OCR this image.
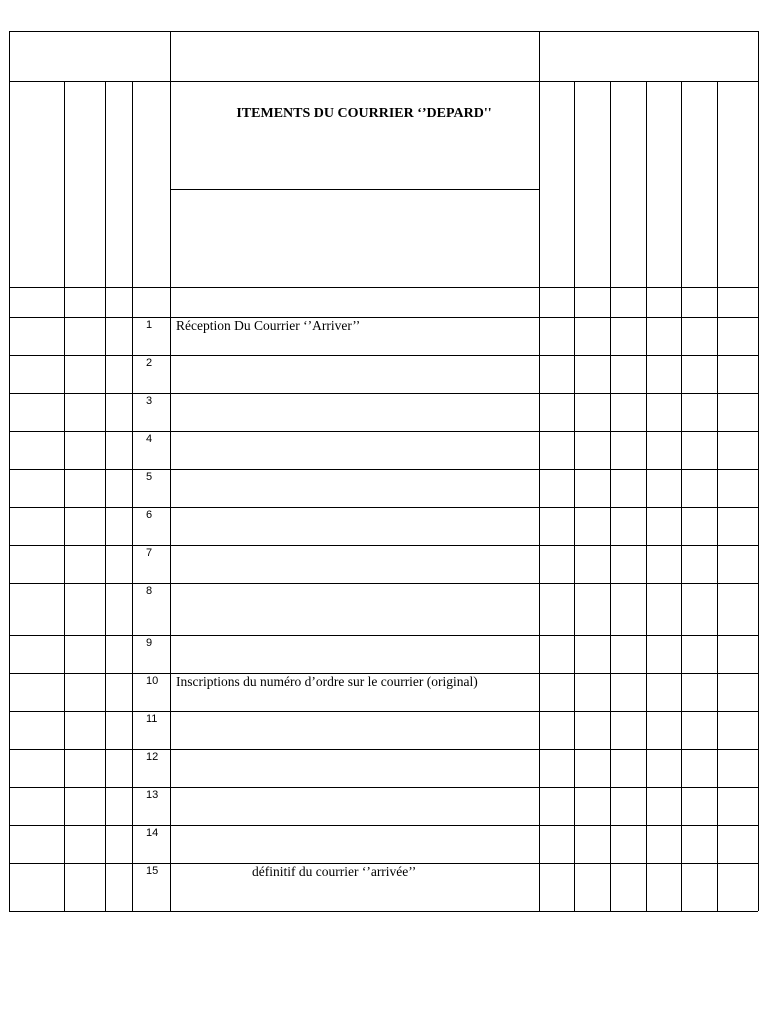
ITEMENTS DU COURRIER ‘’DEPARD''
1 Réception Du Courrier ‘’Arriver’’
2
3
4
5
6
7
8
9
10 Inscriptions du numéro d’ordre sur le courrier (original)
11
12
13
14
15	définitif du courrier ‘’arrivée’’
